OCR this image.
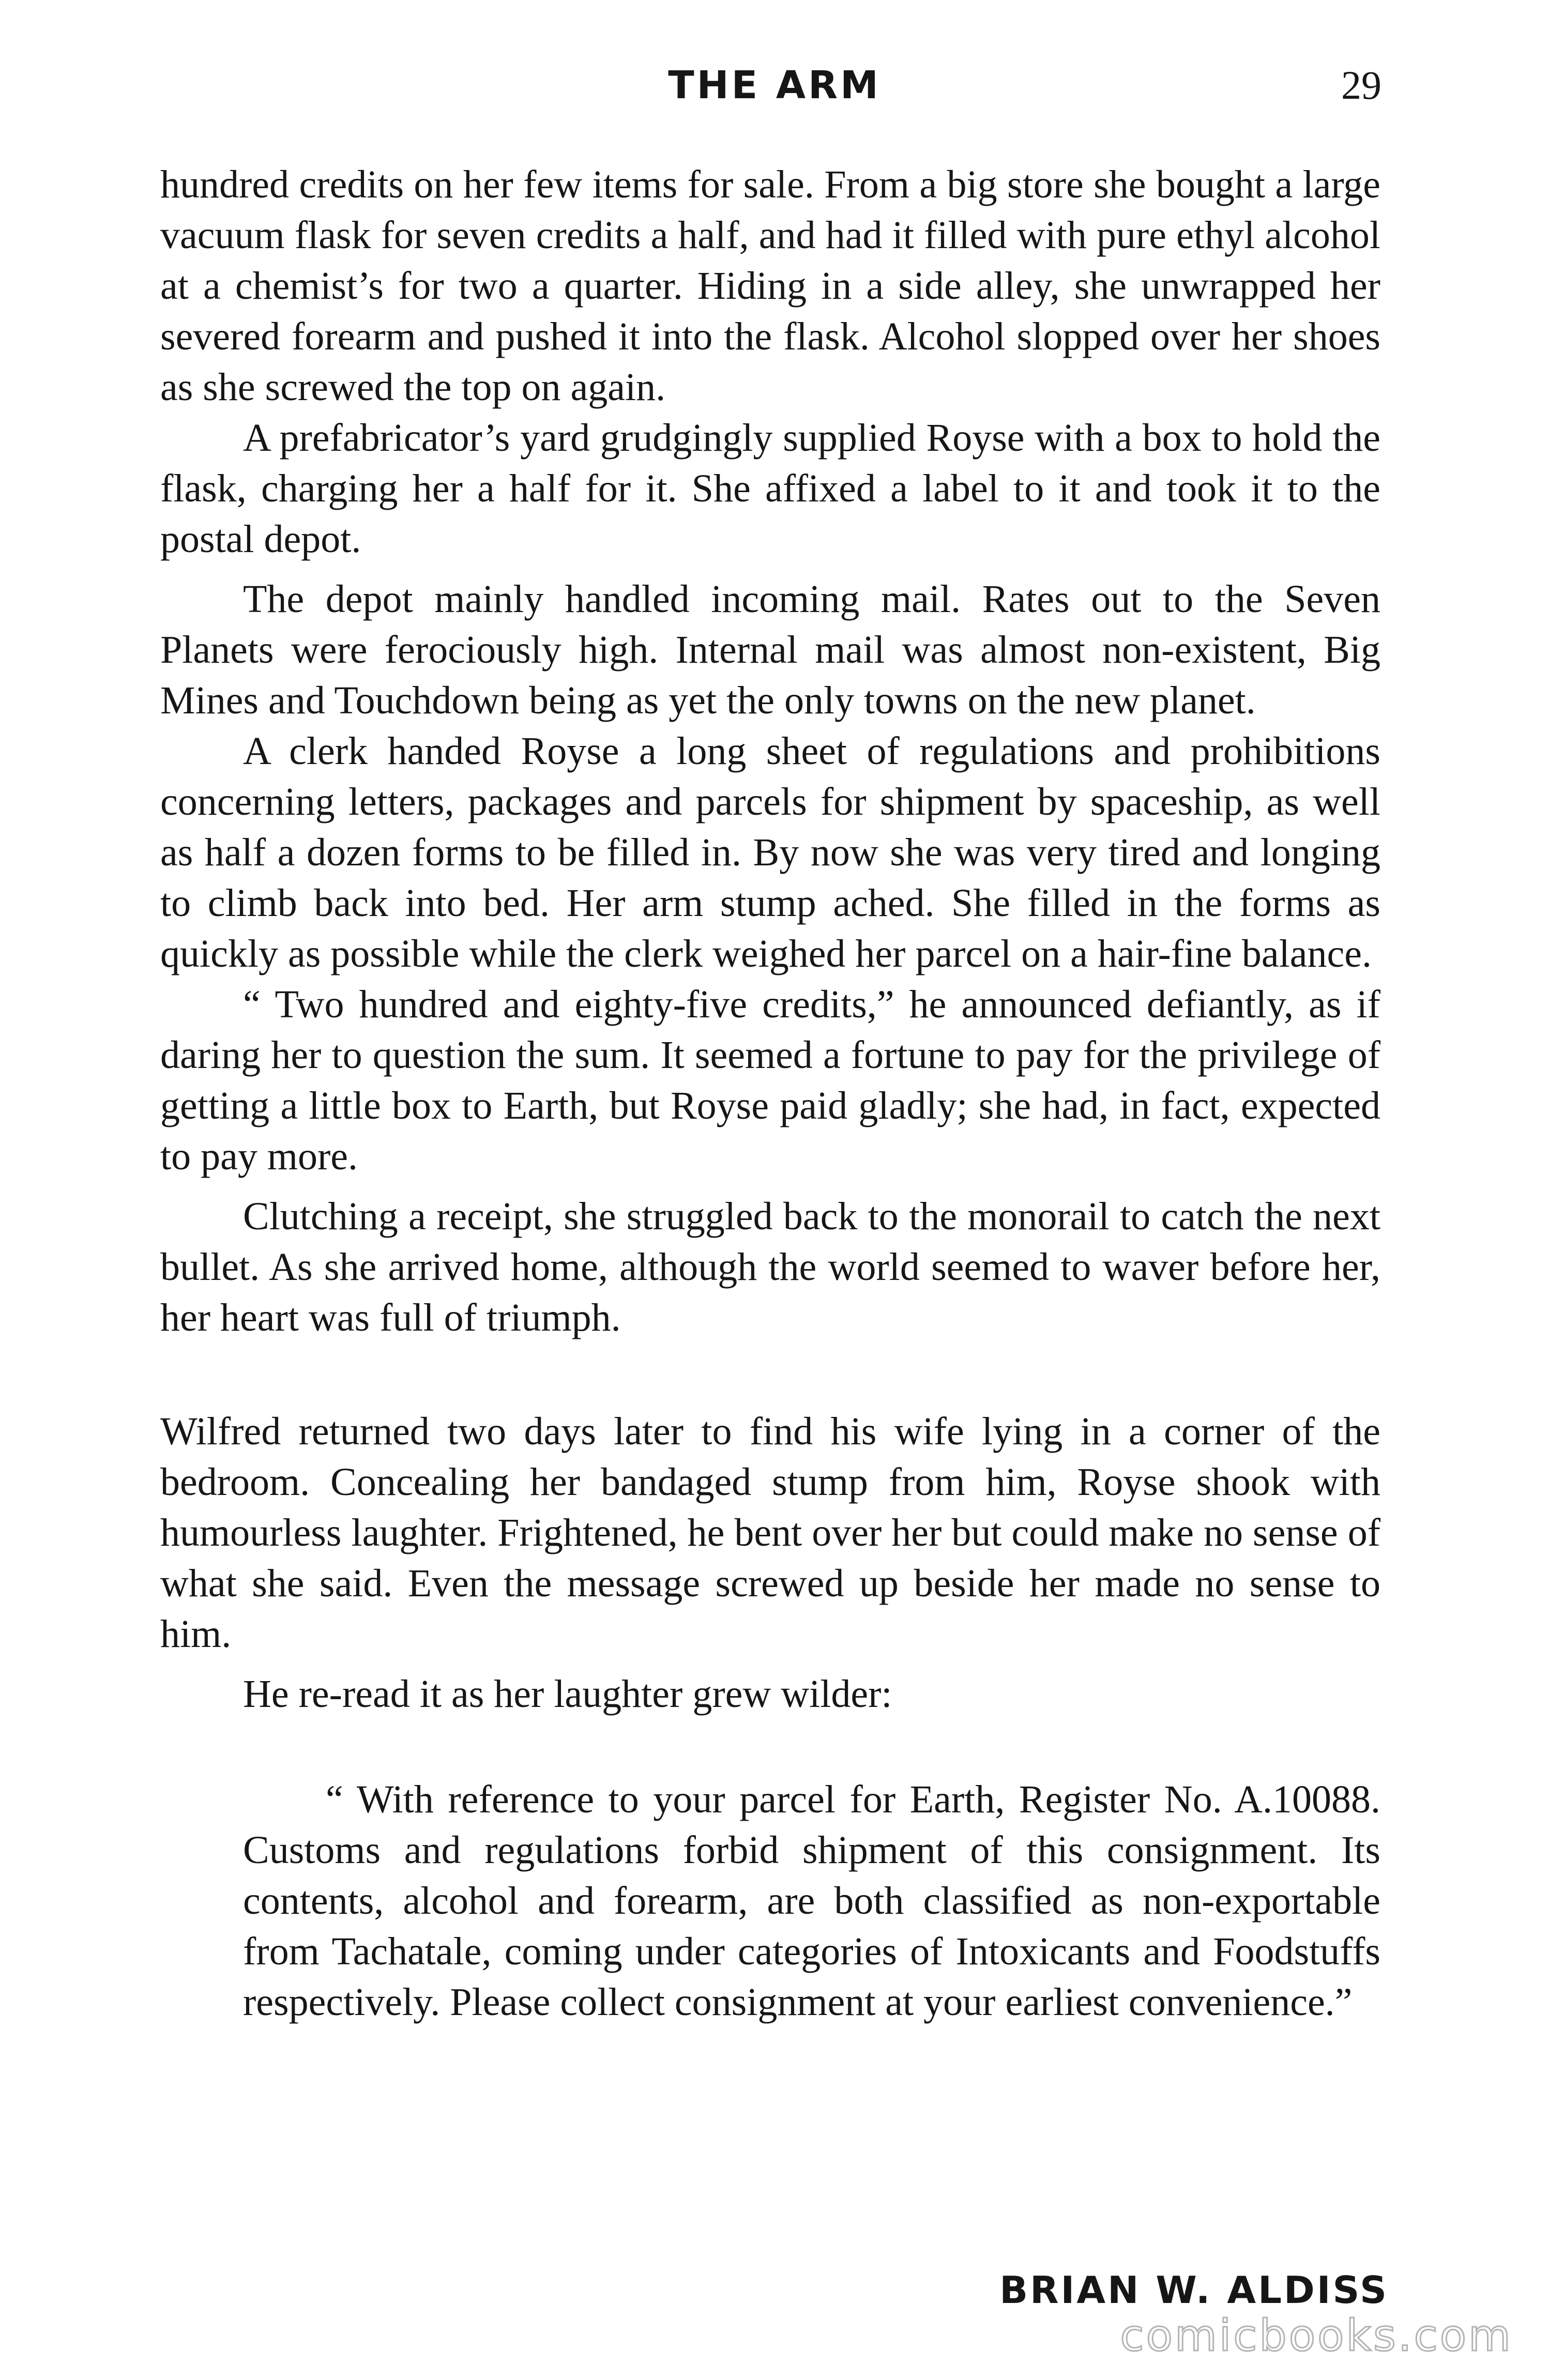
THE ARM	29

hundred credits on her few items for sale. From a big store she bought a large vacuum flask for seven credits a half, and had it filled with pure ethyl alcohol at a chemist’s for two a quarter. Hiding in a side alley, she unwrapped her severed forearm and pushed it into the flask. Alcohol slopped over her shoes as she screwed the top on again.

A prefabricator’s yard grudgingly supplied Royse with a box to hold the flask, charging her a half for it. She affixed a label to it and took it to the postal depot.

The depot mainly handled incoming mail. Rates out to the Seven Planets were ferociously high. Internal mail was almost non-existent, Big Mines and Touchdown being as yet the only towns on the new planet.

A clerk handed Royse a long sheet of regulations and prohibitions concerning letters, packages and parcels for shipment by spaceship, as well as half a dozen forms to be filled in. By now she was very tired and longing to climb back into bed. Her arm stump ached. She filled in the forms as quickly as possible while the clerk weighed her parcel on a hair-fine balance.

“ Two hundred and eighty-five credits,” he announced defiantly, as if daring her to question the sum. It seemed a fortune to pay for the privilege of getting a little box to Earth, but Royse paid gladly; she had, in fact, expected to pay more.

Clutching a receipt, she struggled back to the monorail to catch the next bullet. As she arrived home, although the world seemed to waver before her, her heart was full of triumph.

Wilfred returned two days later to find his wife lying in a corner of the bedroom. Concealing her bandaged stump from him, Royse shook with humourless laughter. Frightened, he bent over her but could make no sense of what she said. Even the message screwed up beside her made no sense to him.

He re-read it as her laughter grew wilder:

“ With reference to your parcel for Earth, Register No. A.10088. Customs and regulations forbid shipment of this consignment. Its contents, alcohol and forearm, are both classified as non-exportable from Tachatale, coming under categories of Intoxicants and Foodstuffs respectively. Please collect consignment at your earliest convenience.”

BRIAN W. ALDISS
comicbooks.com
